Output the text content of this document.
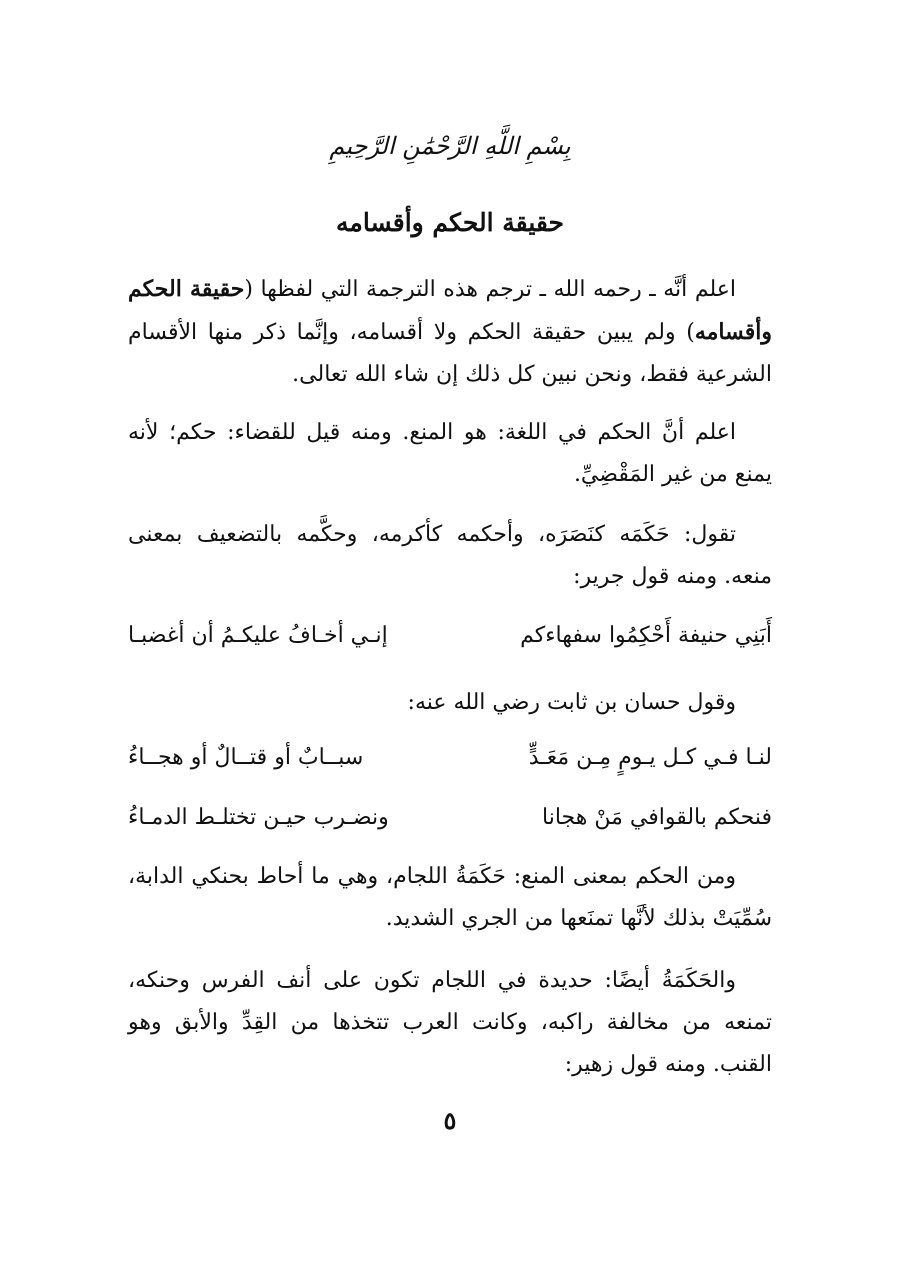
بِسْمِ اللَّهِ الرَّحْمَٰنِ الرَّحِيمِ
حقيقة الحكم وأقسامه
اعلم أنَّه ـ رحمه الله ـ ترجم هذه الترجمة التي لفظها (حقيقة الحكم وأقسامه) ولم يبين حقيقة الحكم ولا أقسامه، وإنَّما ذكر منها الأقسام الشرعية فقط، ونحن نبين كل ذلك إن شاء الله تعالى.
اعلم أنَّ الحكم في اللغة: هو المنع. ومنه قيل للقضاء: حكم؛ لأنه يمنع من غير المَقْضِيِّ.
تقول: حَكَمَه كنَصَرَه، وأحكمه كأكرمه، وحكَّمه بالتضعيف بمعنى منعه. ومنه قول جرير:
أَبَنِي حنيفة أَحْكِمُوا سفهاءكم
إنـي أخـافُ عليكـمُ أن أغضبـا
وقول حسان بن ثابت رضي الله عنه:
لنـا فـي كـل يـومٍ مِـن مَعَـدٍّ
سبــابٌ أو قتــالٌ أو هجــاءُ
فنحكم بالقوافي مَنْ هجانا
ونضـرب حيـن تختلـط الدمـاءُ
ومن الحكم بمعنى المنع: حَكَمَةُ اللجام، وهي ما أحاط بحنكي الدابة، سُمِّيَتْ بذلك لأنَّها تمنَعها من الجري الشديد.
والحَكَمَةُ أيضًا: حديدة في اللجام تكون على أنف الفرس وحنكه، تمنعه من مخالفة راكبه، وكانت العرب تتخذها من القِدِّ والأبق وهو القنب. ومنه قول زهير:
٥
